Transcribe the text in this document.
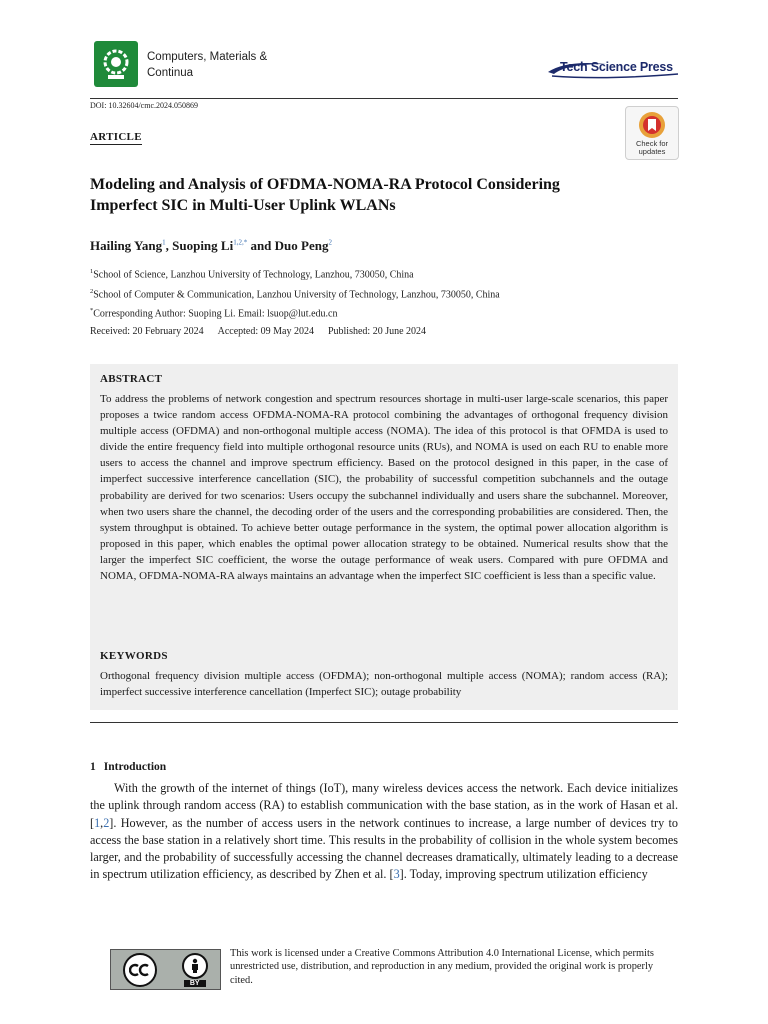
Computers, Materials &
Continua	Tech Science Press
DOI: 10.32604/cmc.2024.050869
ARTICLE
Check for
updates
Modeling and Analysis of OFDMA-NOMA-RA Protocol Considering
Imperfect SIC in Multi-User Uplink WLANs
Hailing Yang$^1$, Suoping $Li^{1,2,*}$ and Duo Peng$^2$
$^1$School of Science, Lanzhou University of Technology, Lanzhou, 730050, China
$^2$School of Computer & Communication, Lanzhou University of Technology, Lanzhou, 730050, China
*Corresponding Author: Suoping Li. Email: lsuop@lut.edu.cn
Received: 20 February 2024 Accepted: 09 May 2024 Published: 20 June 2024
ABSTRACT
To address the problems of network congestion and spectrum resources shortage in multi-user large-scale scenarios, this paper proposes a twice random access OFDMA-NOMA-RA protocol combining the advantages of orthogonal frequency division multiple access (OFDMA) and non-orthogonal multiple access (NOMA). The idea of this protocol is that OFMDA is used to divide the entire frequency field into multiple orthogonal resource units (RUs), and NOMA is used on each RU to enable more users to access the channel and improve spectrum efficiency. Based on the protocol designed in this paper, in the case of imperfect successive interference cancellation (SIC), the probability of successful competition subchannels and the outage probability are derived for two scenarios: Users occupy the subchannel individually and users share the subchannel. Moreover, when two users share the channel, the decoding order of the users and the corresponding probabilities are considered. Then, the system throughput is obtained. To achieve better outage performance in the system, the optimal power allocation algorithm is proposed in this paper, which enables the optimal power allocation strategy to be obtained. Numerical results show that the larger the imperfect SIC coefficient, the worse the outage performance of weak users. Compared with pure OFDMA and NOMA, OFDMA-NOMA-RA always maintains an advantage when the imperfect SIC coefficient is less than a specific value.
KEYWORDS
Orthogonal frequency division multiple access (OFDMA); non-orthogonal multiple access (NOMA); random access (RA); imperfect successive interference cancellation (Imperfect SIC); outage probability
1 Introduction
With the growth of the internet of things (IoT), many wireless devices access the network. Each device initializes the uplink through random access (RA) to establish communication with the base station, as in the work of Hasan et al. [1,2]. However, as the number of access users in the network continues to increase, a large number of devices try to access the base station in a relatively short time. This results in the probability of collision in the whole system becomes larger, and the probability of successfully accessing the channel decreases dramatically, ultimately leading to a decrease in spectrum utilization efficiency, as described by Zhen et al. [3]. Today, improving spectrum utilization efficiency
BY
This work is licensed under a Creative Commons Attribution 4.0 International License, which permits unrestricted use, distribution, and reproduction in any medium, provided the original work is properly cited.
